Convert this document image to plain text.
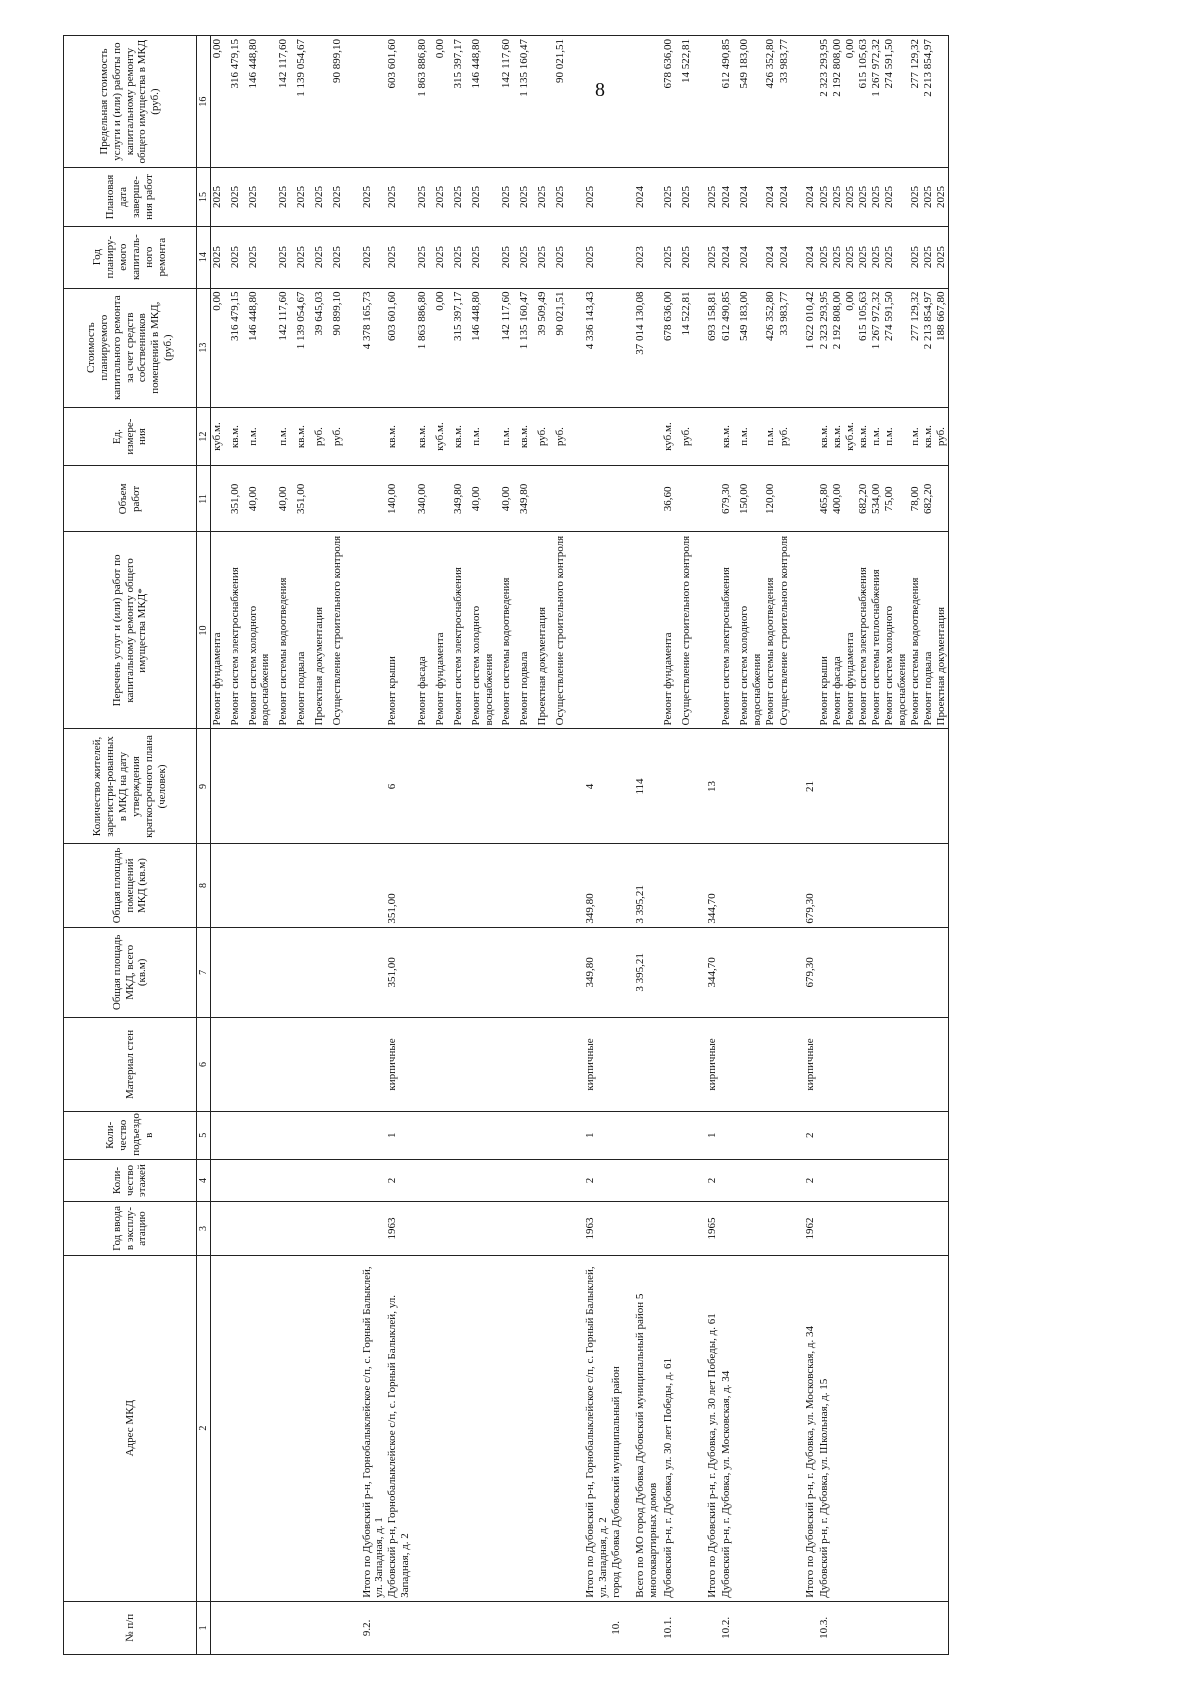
8
№ п/п	Адрес МКД	Год ввода в эксплу-атацию	Коли-чество этажей	Коли-чество подъездо в	Материал стен	Общая площадь МКД, всего (кв.м)	Общая площадь помещений МКД (кв.м)	Количество жителей, зарегистри-рованных в МКД на дату утверждения краткосрочного плана (человек)	Перечень услуг и (или) работ по капитальному ремонту общего имущества МКД*	Объем работ	Ед. измере-ния	Стоимость планируемого капитального ремонта за счет средств собственников помещений в МКД, (руб.)	Год планиру-емого капиталь-ного ремонта	Плановая дата заверше-ния работ	Предельная стоимость услуги и (или) работы по капитальному ремонту общего имущества в МКД (руб.)
1	2	3	4	5	6	7	8	9	10	11	12	13	14	15	16
									Ремонт фундамента		куб.м.	0,00	2025	2025	0,00
									Ремонт систем электроснабжения	351,00	кв.м.	316 479,15	2025	2025	316 479,15
									Ремонт систем холодного водоснабжения	40,00	п.м.	146 448,80	2025	2025	146 448,80
									Ремонт системы водоотведения	40,00	п.м.	142 117,60	2025	2025	142 117,60
									Ремонт подвала	351,00	кв.м.	1 139 054,67	2025	2025	1 139 054,67
									Проектная документация		руб.	39 645,03	2025	2025	
									Осуществление строительного контроля		руб.	90 899,10	2025	2025	90 899,10
9.2.	Итого по Дубовский р-н, Горнобалыклейское с/п, с. Горный Балыклей, ул. Западная, д. 1											4 378 165,73	2025	2025	
	Дубовский р-н, Горнобалыклейское с/п, с. Горный Балыклей, ул. Западная, д. 2	1963	2	1	кирпичные	351,00	351,00	6	Ремонт крыши	140,00	кв.м.	603 601,60	2025	2025	603 601,60
									Ремонт фасада	340,00	кв.м.	1 863 886,80	2025	2025	1 863 886,80
									Ремонт фундамента		куб.м.	0,00	2025	2025	0,00
									Ремонт систем электроснабжения	349,80	кв.м.	315 397,17	2025	2025	315 397,17
									Ремонт систем холодного водоснабжения	40,00	п.м.	146 448,80	2025	2025	146 448,80
									Ремонт системы водоотведения	40,00	п.м.	142 117,60	2025	2025	142 117,60
									Ремонт подвала	349,80	кв.м.	1 135 160,47	2025	2025	1 135 160,47
									Проектная документация		руб.	39 509,49	2025	2025	
									Осуществление строительного контроля		руб.	90 021,51	2025	2025	90 021,51
	Итого по Дубовский р-н, Горнобалыклейское с/п, с. Горный Балыклей, ул. Западная, д. 2	1963	2	1	кирпичные	349,80	349,80	4				4 336 143,43	2025	2025	
10.	город Дубовка Дубовский муниципальный район														
	Всего по МО город Дубовка Дубовский муниципальный район 5 многоквартирных домов					3 395,21	3 395,21	114				37 014 130,08	2023	2024	
10.1.	Дубовский р-н, г. Дубовка, ул. 30 лет Победы, д. 61								Ремонт фундамента	36,60	куб.м.	678 636,00	2025	2025	678 636,00
									Осуществление строительного контроля		руб.	14 522,81	2025	2025	14 522,81
	Итого по Дубовский р-н, г. Дубовка, ул. 30 лет Победы, д. 61	1965	2	1	кирпичные	344,70	344,70	13				693 158,81	2025	2025	
10.2.	Дубовский р-н, г. Дубовка, ул. Московская, д. 34								Ремонт систем электроснабжения	679,30	кв.м.	612 490,85	2024	2024	612 490,85
									Ремонт систем холодного водоснабжения	150,00	п.м.	549 183,00	2024	2024	549 183,00
									Ремонт системы водоотведения	120,00	п.м.	426 352,80	2024	2024	426 352,80
									Осуществление строительного контроля		руб.	33 983,77	2024	2024	33 983,77
	Итого по Дубовский р-н, г. Дубовка, ул. Московская, д. 34	1962	2	2	кирпичные	679,30	679,30	21				1 622 010,42	2024	2024	
10.3.	Дубовский р-н, г. Дубовка, ул. Школьная, д. 15								Ремонт крыши	465,80	кв.м.	2 323 293,95	2025	2025	2 323 293,95
									Ремонт фасада	400,00	кв.м.	2 192 808,00	2025	2025	2 192 808,00
									Ремонт фундамента		куб.м.	0,00	2025	2025	0,00
									Ремонт систем электроснабжения	682,20	кв.м.	615 105,63	2025	2025	615 105,63
									Ремонт системы теплоснабжения	534,00	п.м.	1 267 972,32	2025	2025	1 267 972,32
									Ремонт систем холодного водоснабжения	75,00	п.м.	274 591,50	2025	2025	274 591,50
									Ремонт системы водоотведения	78,00	п.м.	277 129,32	2025	2025	277 129,32
									Ремонт подвала	682,20	кв.м.	2 213 854,97	2025	2025	2 213 854,97
									Проектная документация		руб.	188 667,80	2025	2025	
